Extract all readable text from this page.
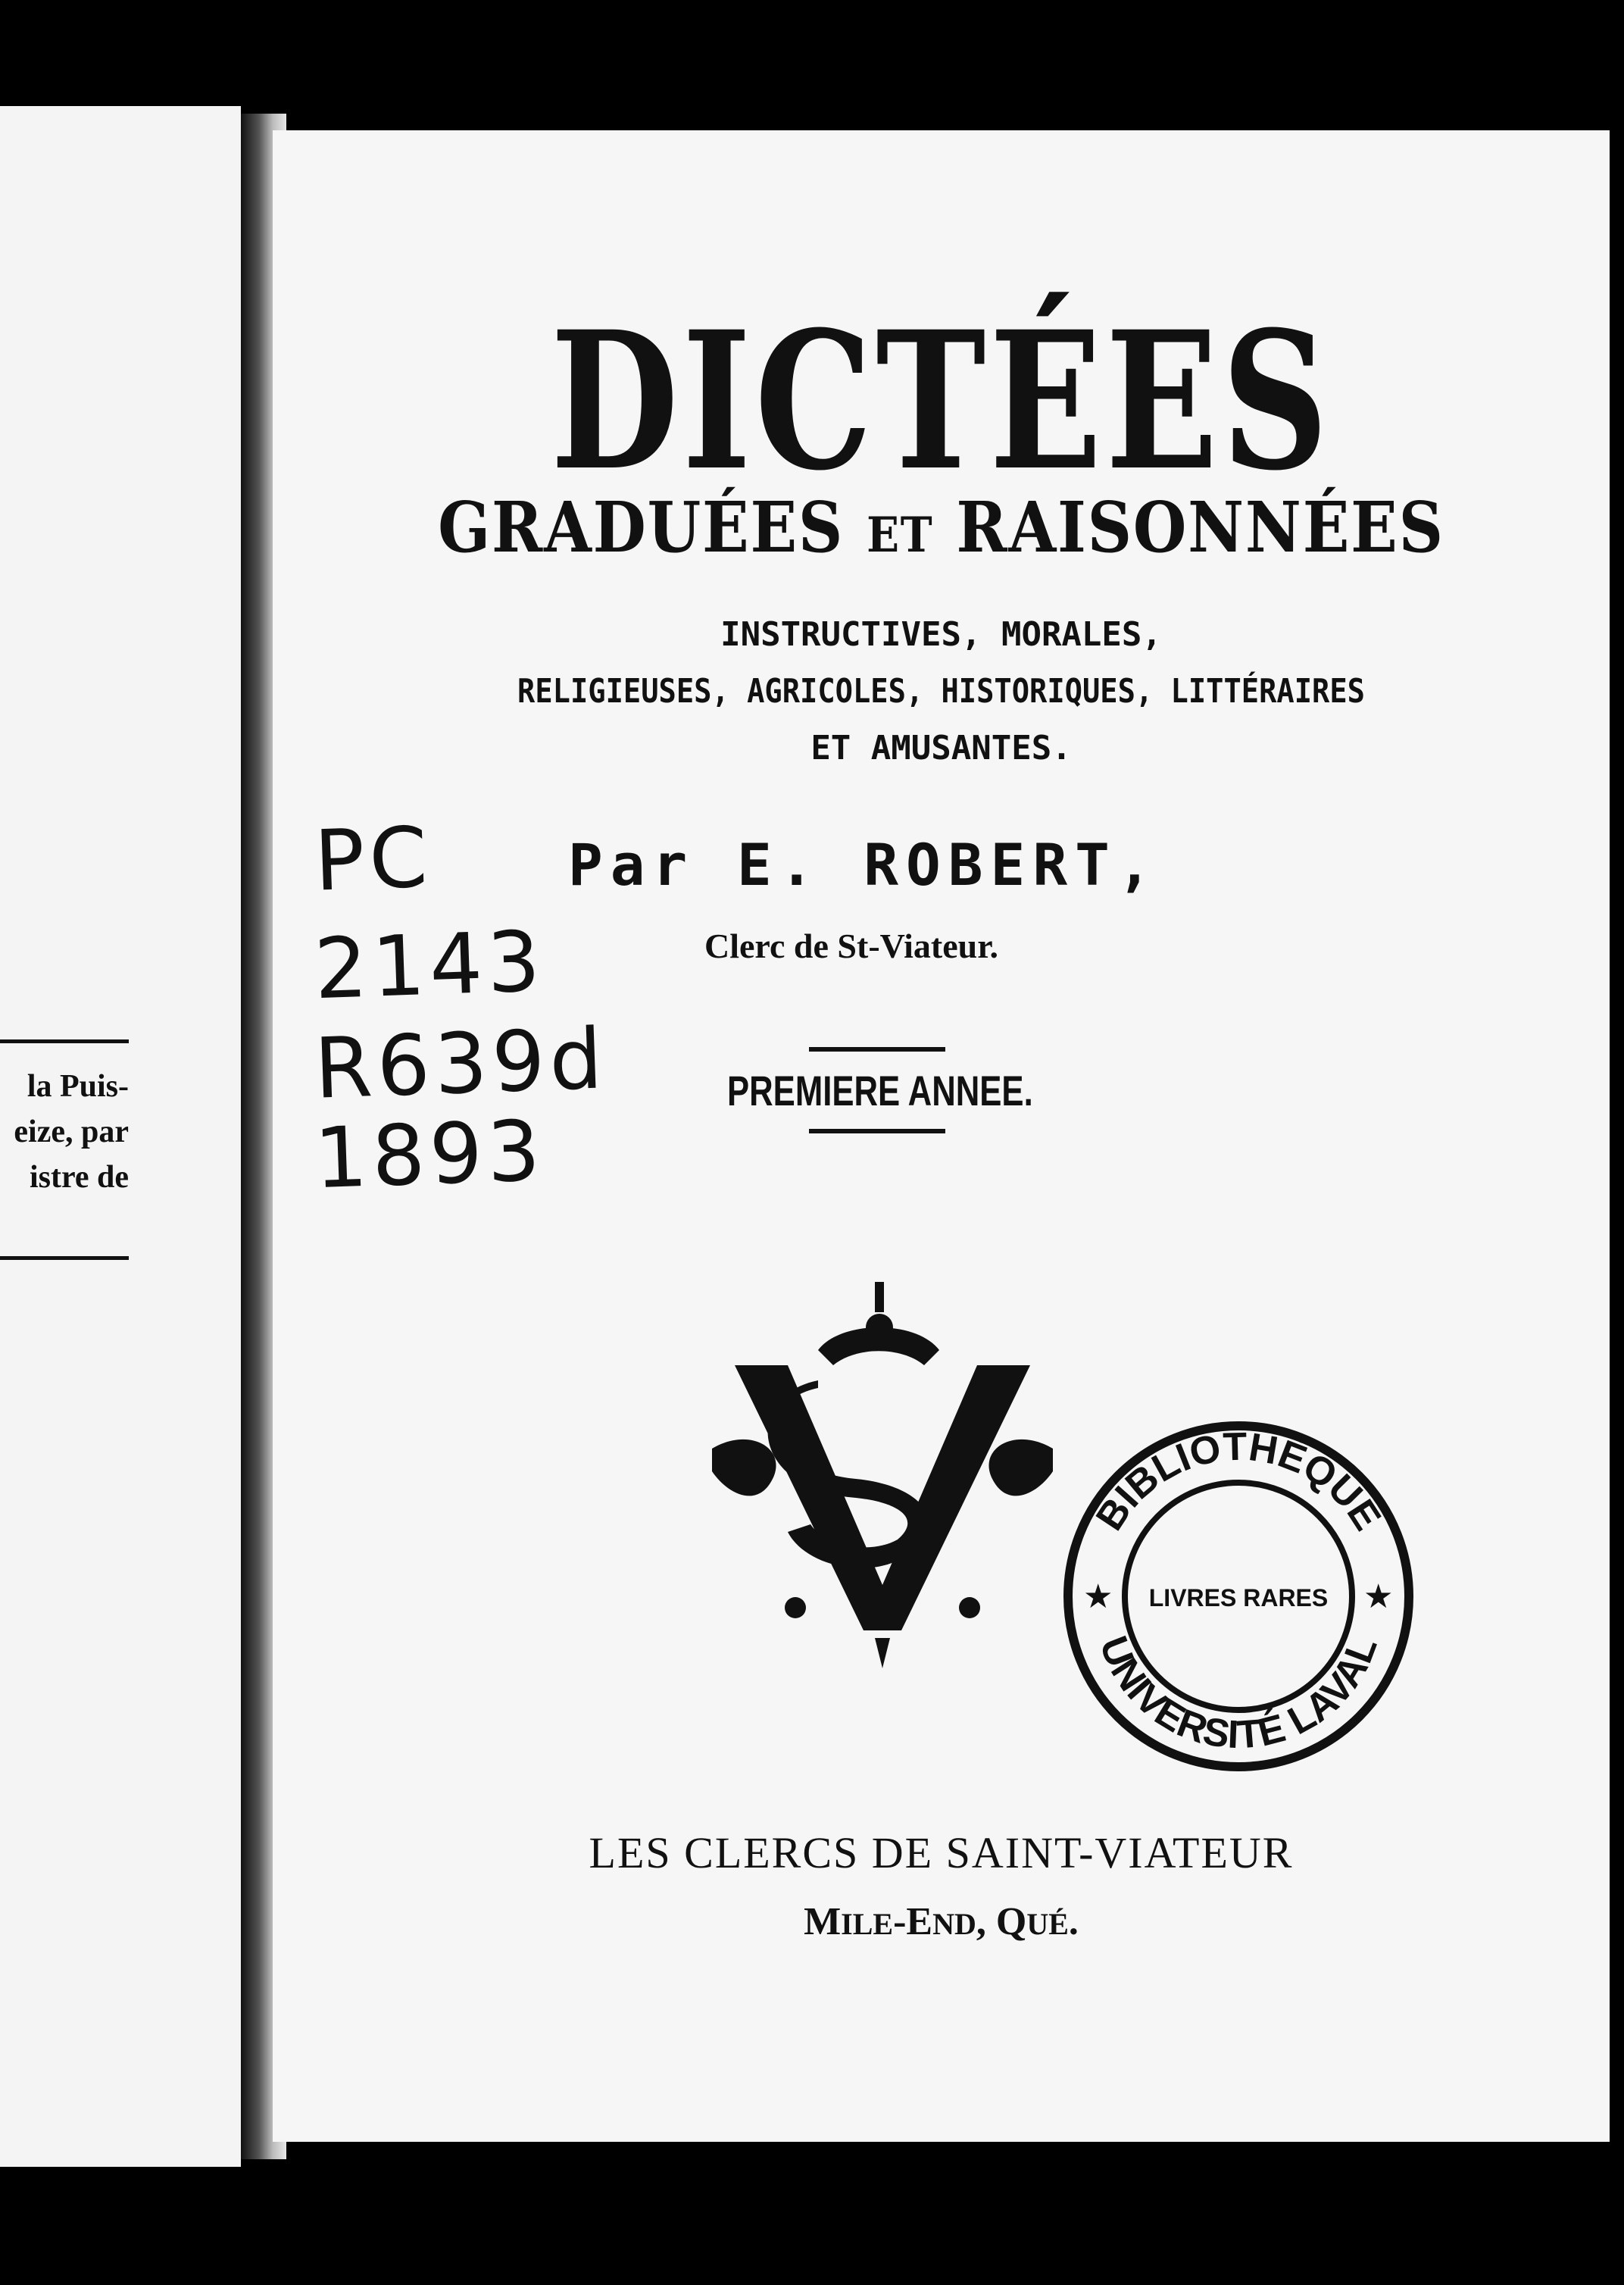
la Puis-
eize, par
istre de
DICTÉES
GRADUÉES ET RAISONNÉES
INSTRUCTIVES, MORALES,
RELIGIEUSES, AGRICOLES, HISTORIQUES, LITTÉRAIRES
ET AMUSANTES.
Par E. ROBERT,
Clerc de St-Viateur.
PREMIERE ANNEE.
BIBLIOTHÈQUE
UNIVERSITÉ LAVAL
LIVRES RARES
★	★
LES CLERCS DE SAINT-VIATEUR
MILE-END, QUÉ.
PC
2143
R639d
1893
